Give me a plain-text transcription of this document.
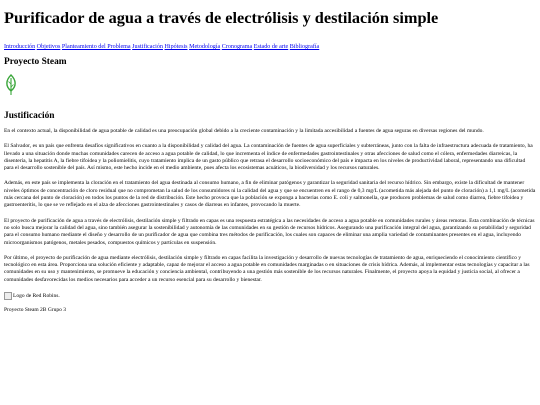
Purificador de agua a través de electrólisis y destilación simple
Introducción Objetivos Planteamiento del Problema Justificación Hipótesis Metodología Cronograma Estado de arte Bibliografía
Proyecto Steam
Justificación

En el contexto actual, la disponibilidad de agua potable de calidad es una preocupación global debido a la creciente contaminación y la limitada accesibilidad a fuentes de agua seguras en diversas regiones del mundo.

El Salvador, es un país que enfrenta desafíos significativos en cuanto a la disponibilidad y calidad del agua. La contaminación de fuentes de agua superficiales y subterráneas, junto con la falta de infraestructura adecuada de tratamiento, ha llevado a una situación donde muchas comunidades carecen de acceso a agua potable de calidad, lo que incrementa el índice de enfermedades gastrointestinales y otras afecciones de salud como el cólera, enfermedades diarreicas, la disentería, la hepatitis A, la fiebre tifoidea y la poliomielitis, cuyo tratamiento implica de un gasto público que retrasa el desarrollo socioeconómico del país e impacta en los niveles de productividad laboral, representando una dificultad para el desarrollo sostenible del país. Así mismo, este hecho incide en el medio ambiente, pues afecta los ecosistemas acuáticos, la biodiversidad y los recursos naturales.

Además, en este país se implementa la cloración en el tratamiento del agua destinada al consumo humano, a fin de eliminar patógenos y garantizar la seguridad sanitaria del recurso hídrico. Sin embargo, existe la dificultad de mantener niveles óptimos de concentración de cloro residual que no comprometan la salud de los consumidores ni la calidad del agua y que se encuentren en el rango de 0,3 mg/L (acometida más alejada del punto de cloración) a 1,1 mg/L (acometida más cercana del punto de cloración) en todos los puntos de la red de distribución. Este hecho provoca que la población se exponga a bacterias como E. coli y salmonella, que producen problemas de salud como diarrea, fiebre tifoidea y gastroenteritis, lo que se ve reflejado en el alza de afecciones gastrointestinales y casos de diarreas en infantes, provocando la muerte.

El proyecto de purificación de agua a través de electrólisis, destilación simple y filtrado en capas es una respuesta estratégica a las necesidades de acceso a agua potable en comunidades rurales y áreas remotas. Esta combinación de técnicas no solo busca mejorar la calidad del agua, sino también asegurar la sostenibilidad y autonomía de las comunidades en su gestión de recursos hídricos. Asegurando una purificación integral del agua, garantizando su potabilidad y seguridad para el consumo humano mediante el diseño y desarrollo de un purificador de agua que combina tres métodos de purificación, los cuales son capaces de eliminar una amplia variedad de contaminantes presentes en el agua, incluyendo microorganismos patógenos, metales pesados, compuestos químicos y partículas en suspensión.

Por último, el proyecto de purificación de agua mediante electrólisis, destilación simple y filtrado en capas facilita la investigación y desarrollo de nuevas tecnologías de tratamiento de agua, enriqueciendo el conocimiento científico y tecnológico en esta área. Proporciona una solución eficiente y adaptable, capaz de mejorar el acceso a agua potable en comunidades marginadas o en situaciones de crisis hídrica. Además, al implementar estas tecnologías y capacitar a las comunidades en su uso y mantenimiento, se promueve la educación y conciencia ambiental, contribuyendo a una gestión más sostenible de los recursos naturales. Finalmente, el proyecto apoya la equidad y justicia social, al ofrecer a comunidades desfavorecidas los medios necesarios para acceder a un recurso esencial para su desarrollo y bienestar.

Logo de Red Robins.

Proyecto Steam 2B Grupo 3
